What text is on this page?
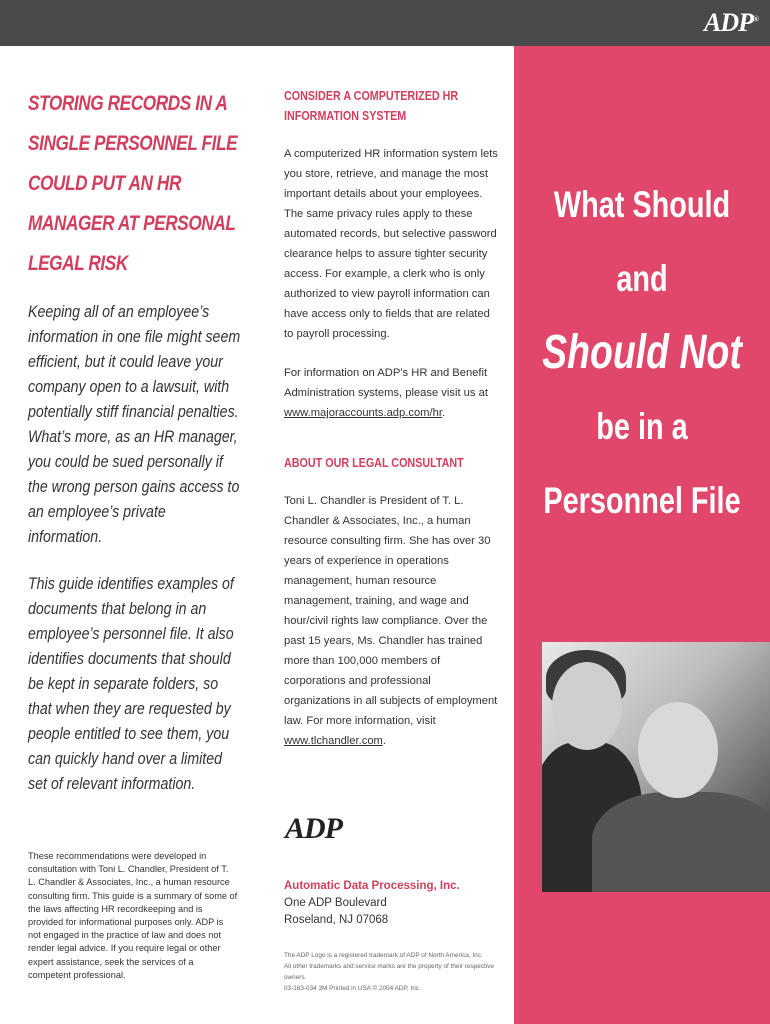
ADP®
STORING RECORDS IN A SINGLE PERSONNEL FILE COULD PUT AN HR MANAGER AT PERSONAL LEGAL RISK

Keeping all of an employee’s information in one file might seem efficient, but it could leave your company open to a lawsuit, with potentially stiff financial penalties. What’s more, as an HR manager, you could be sued personally if the wrong person gains access to an employee’s private information.

This guide identifies examples of documents that belong in an employee’s personnel file. It also identifies documents that should be kept in separate folders, so that when they are requested by people entitled to see them, you can quickly hand over a limited set of relevant information.

These recommendations were developed in consultation with Toni L. Chandler, President of T. L. Chandler & Associates, Inc., a human resource consulting firm. This guide is a summary of some of the laws affecting HR recordkeeping and is provided for informational purposes only. ADP is not engaged in the practice of law and does not render legal advice. If you require legal or other expert assistance, seek the services of a competent professional.
CONSIDER A COMPUTERIZED HR INFORMATION SYSTEM

A computerized HR information system lets you store, retrieve, and manage the most important details about your employees. The same privacy rules apply to these automated records, but selective password clearance helps to assure tighter security access. For example, a clerk who is only authorized to view payroll information can have access only to fields that are related to payroll processing.

For information on ADP’s HR and Benefit Administration systems, please visit us at www.majoraccounts.adp.com/hr.

ABOUT OUR LEGAL CONSULTANT

Toni L. Chandler is President of T. L. Chandler & Associates, Inc., a human resource consulting firm. She has over 30 years of experience in operations management, human resource management, training, and wage and hour/civil rights law compliance. Over the past 15 years, Ms. Chandler has trained more than 100,000 members of corporations and professional organizations in all subjects of employment law. For more information, visit www.tlchandler.com.

ADP
Automatic Data Processing, Inc.
One ADP Boulevard
Roseland, NJ 07068
The ADP Logo is a registered trademark of ADP of North America, Inc.
All other trademarks and service marks are the property of their respective owners.
03-163-034 3M Printed in USA © 2004 ADP, Inc.
What Should
and
Should Not
be in a
Personnel File
